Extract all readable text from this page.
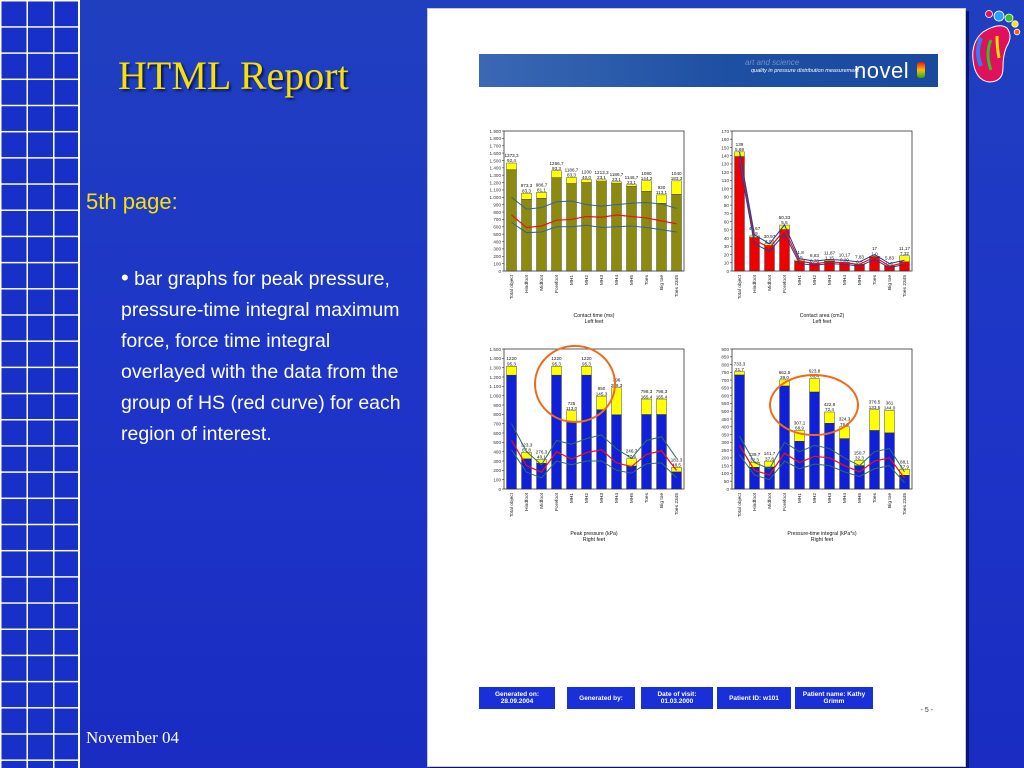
HTML Report
5th page:
• bar graphs for peak pressure, pressure-time integral maximum force, force time integral overlayed with the data from the group of HS (red curve) for each region of interest.
November 04
art and science
quality in pressure distribution measurement
novel
0
100
200
300
400
500
600
700
800
900
1.000
1.100
1.200
1.300
1.400
1.500
1.600
1.700
1.800
1.900
1373,3
92,4
Total object
973,3
83,3
Hindfoot
986,7
81,1
Midfoot
1266,7
93,3
Forefoot
1186,7
83,3
MH1
1200
40,0
MH2
1213,3
23,1
MH3
1186,7
23,1
MH4
1146,7
23,1
MH5
1080
144,2
Toes
920
113,1
Big toe
1040
183,3
Toes 2345
Contact time (ms)
Left feet
0
10
20
30
40
50
60
70
80
90
100
110
120
130
140
150
160
170
139
5,69
Total object
40,67
1,9
Hindfoot
30,97
2,03
Midfoot
50,33
5,5
Forefoot
11,8
1,5
MH1
8,83
0,76
MH2
11,87
1,15
MH3
10,17
0,29
MH4
7,83
0,3
MH5
17
1,0
Toes
5,83
0,6
Big toe
11,17
7,32
Toes 2345
Contact area (cm2)
Left feet
0
100
200
300
400
500
600
700
800
900
1.000
1.100
1.200
1.300
1.400
1.500
1220
95,3
Total object
323,3
67,8
Hindfoot
276,3
40,1
Midfoot
1220
95,3
Forefoot
725
113,0
MH1
1220
95,3
MH2
850
145,3
MH3
796
289,3
MH4
246,7
77,5
MH5
798,3
165,4
Toes
798,3
165,4
Big toe
183,3
48,5
Toes 2345
Peak pressure (kPa)
Right feet
0
50
100
150
200
250
300
350
400
450
500
550
600
650
700
750
800
850
900
733,3
21,7
Total object
139,7
32,3
Hindfoot
141,7
37,8
Midfoot
662,5
39,0
Forefoot
307,1
68,9
MH1
623,8
86,4
MH2
422,8
72,4
MH3
324,3
76,3
MH4
150,7
32,3
MH5
376,5
133,5
Toes
361
144,0
Big toe
88,1
37,9
Toes 2345
Pressure-time integral (kPa*s)
Right feet
Generated on:
28.09.2004	Generated by:	Date of visit:
01.03.2000	Patient ID: w101	Patient name: Kathy
Grimm
- 5 -
